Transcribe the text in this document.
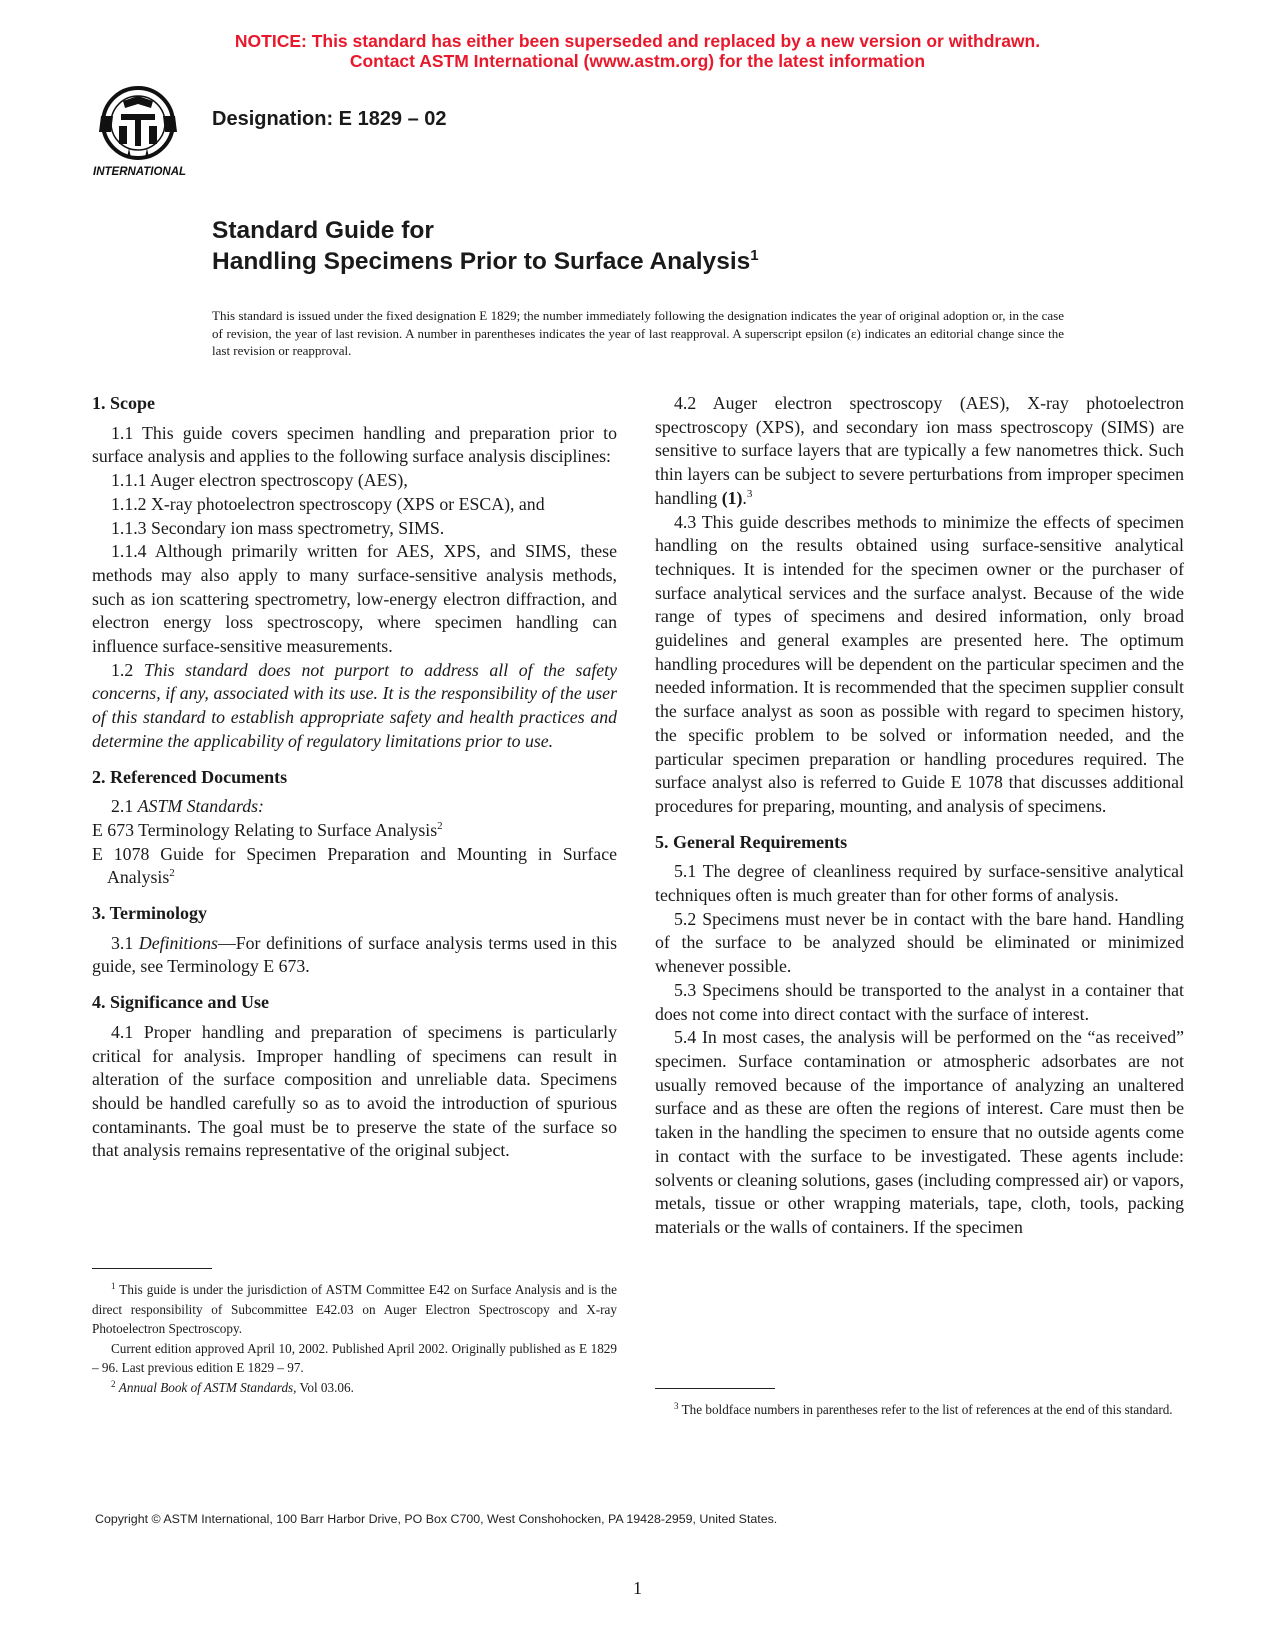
NOTICE: This standard has either been superseded and replaced by a new version or withdrawn.
Contact ASTM International (www.astm.org) for the latest information
INTERNATIONAL
Designation: E 1829 – 02
Standard Guide for
Handling Specimens Prior to Surface Analysis$^1$
This standard is issued under the fixed designation E 1829; the number immediately following the designation indicates the year of original adoption or, in the case of revision, the year of last revision. A number in parentheses indicates the year of last reapproval. A superscript epsilon (ε) indicates an editorial change since the last revision or reapproval.
1. Scope

1.1 This guide covers specimen handling and preparation prior to surface analysis and applies to the following surface analysis disciplines:

1.1.1 Auger electron spectroscopy (AES),

1.1.2 X-ray photoelectron spectroscopy (XPS or ESCA), and

1.1.3 Secondary ion mass spectrometry, SIMS.

1.1.4 Although primarily written for AES, XPS, and SIMS, these methods may also apply to many surface-sensitive analysis methods, such as ion scattering spectrometry, low-energy electron diffraction, and electron energy loss spectroscopy, where specimen handling can influence surface-sensitive measurements.

1.2 This standard does not purport to address all of the safety concerns, if any, associated with its use. It is the responsibility of the user of this standard to establish appropriate safety and health practices and determine the applicability of regulatory limitations prior to use.

2. Referenced Documents

2.1 ASTM Standards:

E 673 Terminology Relating to Surface Analysis$^2$

E 1078 Guide for Specimen Preparation and Mounting in Surface Analysis$^2$

3. Terminology

3.1 Definitions—For definitions of surface analysis terms used in this guide, see Terminology E 673.

4. Significance and Use

4.1 Proper handling and preparation of specimens is particularly critical for analysis. Improper handling of specimens can result in alteration of the surface composition and unreliable data. Specimens should be handled carefully so as to avoid the introduction of spurious contaminants. The goal must be to preserve the state of the surface so that analysis remains representative of the original subject.

$^1$ This guide is under the jurisdiction of ASTM Committee E42 on Surface Analysis and is the direct responsibility of Subcommittee E42.03 on Auger Electron Spectroscopy and X-ray Photoelectron Spectroscopy.

Current edition approved April 10, 2002. Published April 2002. Originally published as E 1829 – 96. Last previous edition E 1829 – 97.

$^2$ Annual Book of ASTM Standards, Vol 03.06.

4.2 Auger electron spectroscopy (AES), X-ray photoelectron spectroscopy (XPS), and secondary ion mass spectroscopy (SIMS) are sensitive to surface layers that are typically a few nanometres thick. Such thin layers can be subject to severe perturbations from improper specimen handling (1).$^3$

4.3 This guide describes methods to minimize the effects of specimen handling on the results obtained using surface-sensitive analytical techniques. It is intended for the specimen owner or the purchaser of surface analytical services and the surface analyst. Because of the wide range of types of specimens and desired information, only broad guidelines and general examples are presented here. The optimum handling procedures will be dependent on the particular specimen and the needed information. It is recommended that the specimen supplier consult the surface analyst as soon as possible with regard to specimen history, the specific problem to be solved or information needed, and the particular specimen preparation or handling procedures required. The surface analyst also is referred to Guide E 1078 that discusses additional procedures for preparing, mounting, and analysis of specimens.

5. General Requirements

5.1 The degree of cleanliness required by surface-sensitive analytical techniques often is much greater than for other forms of analysis.

5.2 Specimens must never be in contact with the bare hand. Handling of the surface to be analyzed should be eliminated or minimized whenever possible.

5.3 Specimens should be transported to the analyst in a container that does not come into direct contact with the surface of interest.

5.4 In most cases, the analysis will be performed on the “as received” specimen. Surface contamination or atmospheric adsorbates are not usually removed because of the importance of analyzing an unaltered surface and as these are often the regions of interest. Care must then be taken in the handling the specimen to ensure that no outside agents come in contact with the surface to be investigated. These agents include: solvents or cleaning solutions, gases (including compressed air) or vapors, metals, tissue or other wrapping materials, tape, cloth, tools, packing materials or the walls of containers. If the specimen

$^3$ The boldface numbers in parentheses refer to the list of references at the end of this standard.

Copyright © ASTM International, 100 Barr Harbor Drive, PO Box C700, West Conshohocken, PA 19428-2959, United States.
1
